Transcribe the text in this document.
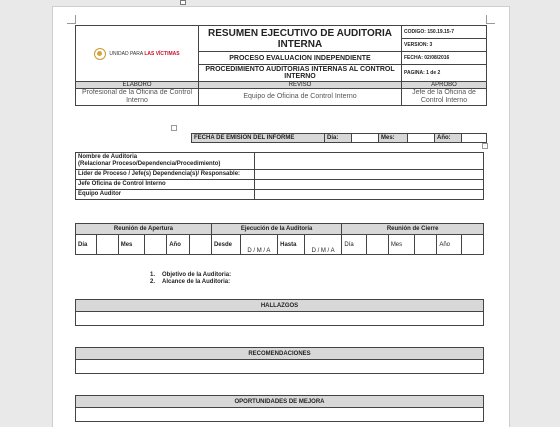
UNIDAD PARA LAS VÍCTIMAS	RESUMEN EJECUTIVO DE AUDITORIA INTERNA	CODIGO: 150.19.15-7
		VERSION: 3
	PROCESO EVALUACION INDEPENDIENTE	FECHA: 02/08/2016
	PROCEDIMIENTO AUDITORIAS INTERNAS AL CONTROL INTERNO	PAGINA: 1 de 2
ELABORO	REVISO	APROBO
Profesional de la Oficina de Control Interno	Equipo de Oficina de Control Interno	Jefe de la Oficina de Control Interno
FECHA DE EMISION DEL INFORME	Día:		Mes:		Año:	
Nombre de Auditoria
(Relacionar Proceso/Dependencia/Procedimiento)	

Líder de Proceso / Jefe(s) Dependencia(s)/ Responsable:	
Jefe Oficina de Control Interno	
Equipo Auditor	
Reunión de Apertura						Ejecución de la Auditoría				Reunión de Cierre					
Día		Mes		Año		Desde	D / M / A	Hasta	D / M / A	Día		Mes		Año	
1. Objetivo de la Auditoria:
2. Alcance de la Auditoria:
HALLAZGOS

RECOMENDACIONES

OPORTUNIDADES DE MEJORA
